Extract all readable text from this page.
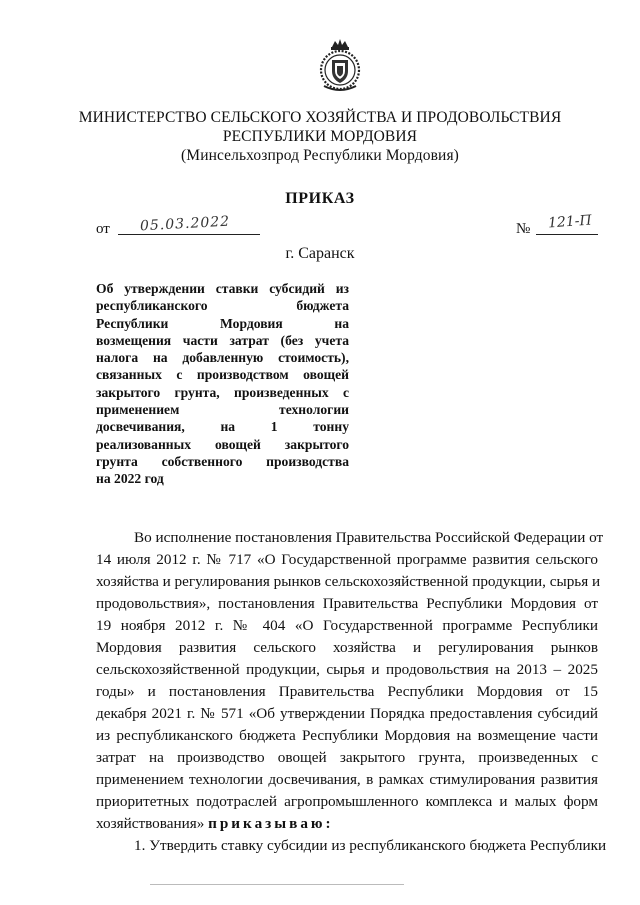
МИНИСТЕРСТВО СЕЛЬСКОГО ХОЗЯЙСТВА И ПРОДОВОЛЬСТВИЯ
РЕСПУБЛИКИ МОРДОВИЯ
(Минсельхозпрод Республики Мордовия)
ПРИКАЗ
от 05.03.2022	№ 121-П
г. Саранск
Об утверждении ставки субсидий из
республиканского бюджета
Республики Мордовия на
возмещения части затрат (без учета
налога на добавленную стоимость),
связанных с производством овощей
закрытого грунта, произведенных с
применением технологии
досвечивания, на 1 тонну
реализованных овощей закрытого
грунта собственного производства
на 2022 год
Во исполнение постановления Правительства Российской Федерации от
14 июля 2012 г. № 717 «О Государственной программе развития сельского
хозяйства и регулирования рынков сельскохозяйственной продукции, сырья и
продовольствия», постановления Правительства Республики Мордовия от
19 ноября 2012 г. № 404 «О Государственной программе Республики
Мордовия развития сельского хозяйства и регулирования рынков
сельскохозяйственной продукции, сырья и продовольствия на 2013 – 2025
годы» и постановления Правительства Республики Мордовия от 15
декабря 2021 г. № 571 «Об утверждении Порядка предоставления субсидий
из республиканского бюджета Республики Мордовия на возмещение части
затрат на производство овощей закрытого грунта, произведенных с
применением технологии досвечивания, в рамках стимулирования развития
приоритетных подотраслей агропромышленного комплекса и малых форм
хозяйствования» приказываю:
1. Утвердить ставку субсидии из республиканского бюджета Республики
